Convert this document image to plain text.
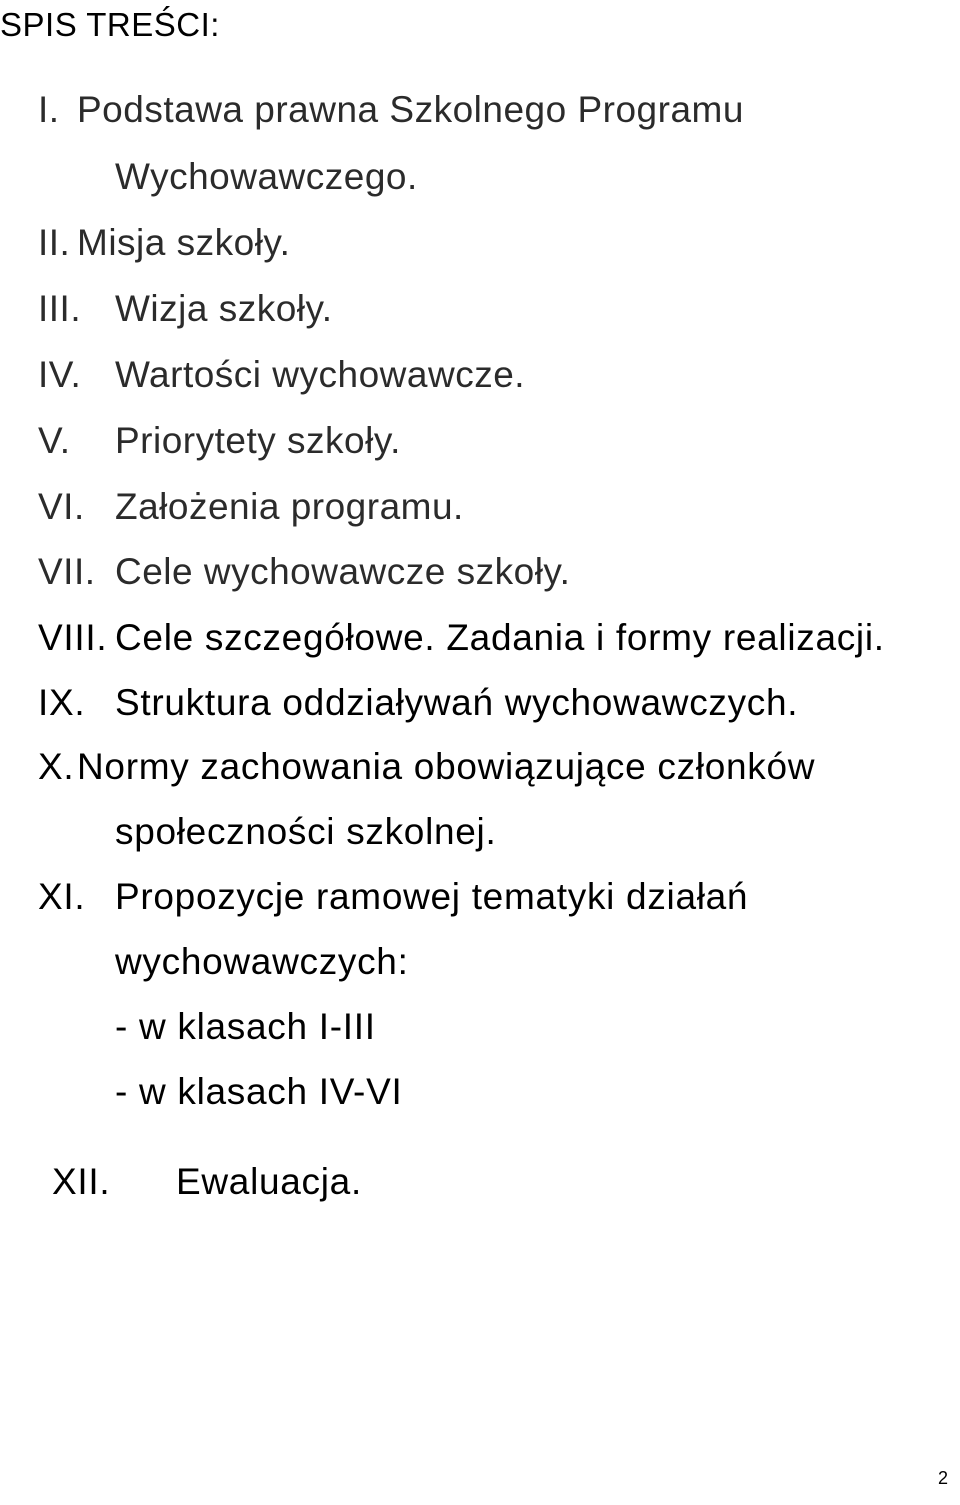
SPIS TREŚCI:
I. Podstawa prawna Szkolnego Programu
Wychowawczego.
II. Misja szkoły.
III. Wizja szkoły.
IV. Wartości wychowawcze.
V. Priorytety szkoły.
VI. Założenia programu.
VII. Cele wychowawcze szkoły.
VIII. Cele szczegółowe. Zadania i formy realizacji.
IX. Struktura oddziaływań wychowawczych.
X. Normy zachowania obowiązujące członków
społeczności szkolnej.
XI. Propozycje ramowej tematyki działań
wychowawczych:
- w klasach I-III
- w klasach IV-VI
XII. Ewaluacja.
2
